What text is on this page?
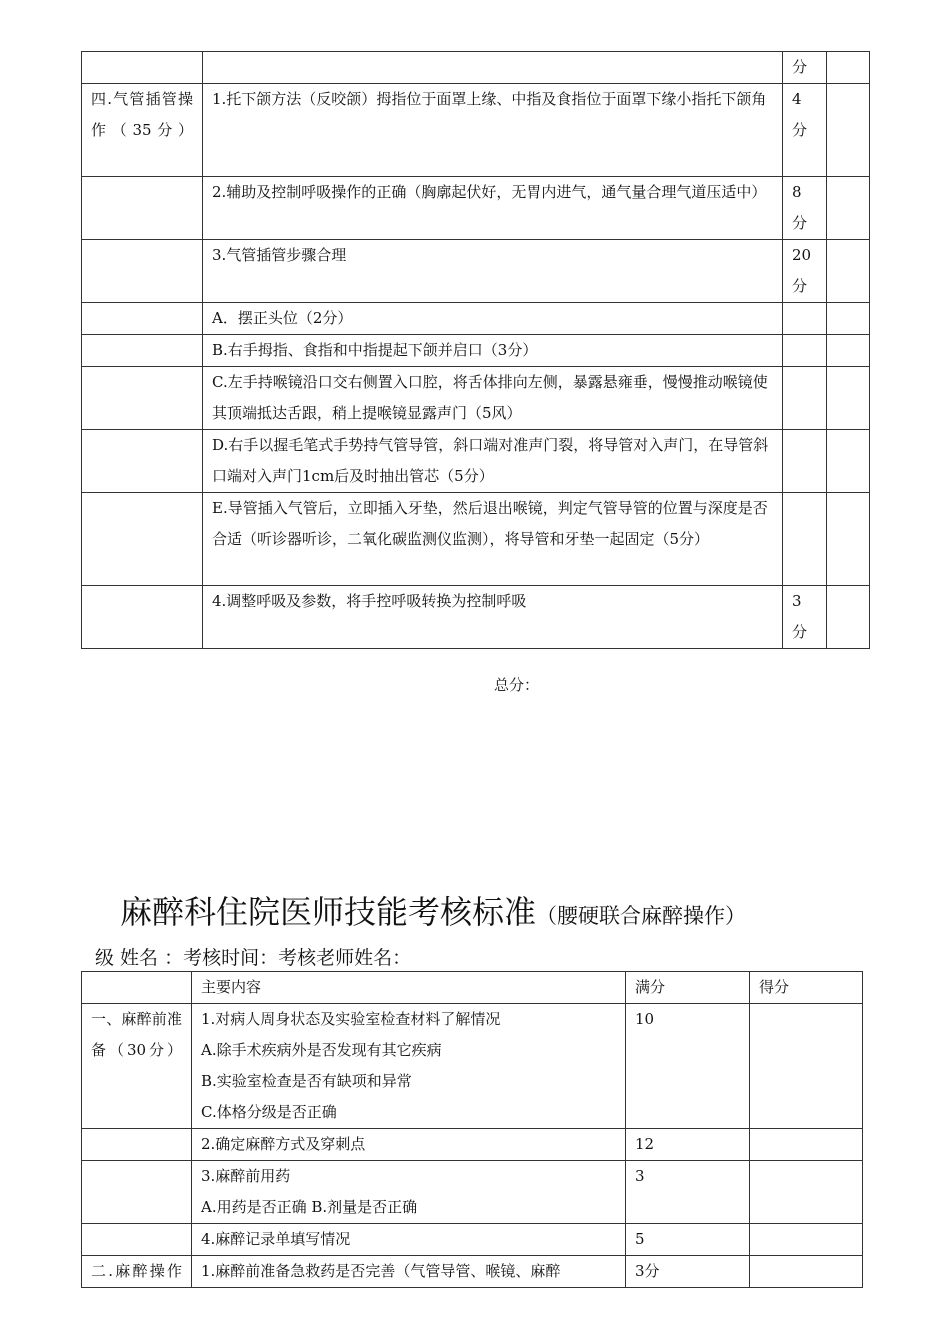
		分	
四.气管插管操作（35分）	1.托下颌方法（反咬颌）拇指位于面罩上缘、中指及食指位于面罩下缘小指托下颌角	4
分	
	2.辅助及控制呼吸操作的正确（胸廓起伏好，无胃内进气，通气量合理气道压适中）	8
分	
	3.气管插管步骤合理	20
分	
	A．摆正头位（2分）		
	B.右手拇指、食指和中指提起下颌并启口（3分）		
	C.左手持喉镜沿口交右侧置入口腔，将舌体排向左侧，暴露悬雍垂，慢慢推动喉镜使其顶端抵达舌跟，稍上提喉镜显露声门（5风）		
	D.右手以握毛笔式手势持气管导管，斜口端对准声门裂，将导管对入声门，在导管斜口端对入声门1cm后及时抽出管芯（5分）		
	E.导管插入气管后，立即插入牙垫，然后退出喉镜，判定气管导管的位置与深度是否合适（听诊器听诊，二氧化碳监测仪监测），将导管和牙垫一起固定（5分）		
	4.调整呼吸及参数，将手控呼吸转换为控制呼吸	3
分	
总分：
麻醉科住院医师技能考核标准（腰硬联合麻醉操作）
级 姓名 ：考核时间：考核老师姓名：
	主要内容	满分	得分
一、麻醉前准备（30分）	1.对病人周身状态及实验室检查材料了解情况
A.除手术疾病外是否发现有其它疾病
B.实验室检查是否有缺项和异常
C.体格分级是否正确	10	
	2.确定麻醉方式及穿刺点	12	
	3.麻醉前用药
A.用药是否正确 B.剂量是否正确	3	
	4.麻醉记录单填写情况	5	
二.麻醉操作	1.麻醉前准备急救药是否完善（气管导管、喉镜、麻醉	3分	
